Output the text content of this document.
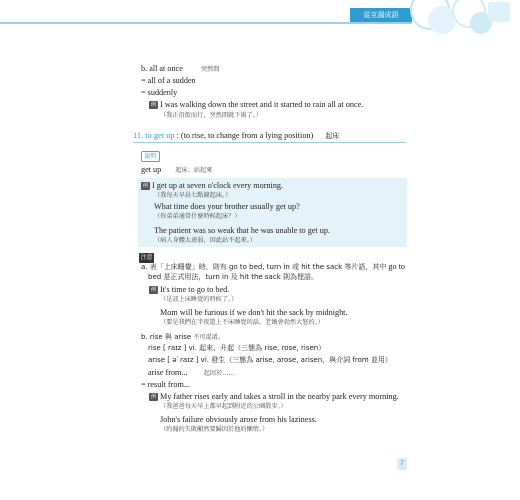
從克漏成語
b. all at once	突然間
= all of a sudden
= suddenly
例 I was walking down the street and it started to rain all at once.
（我正沿街而行，突然間就下雨了。）
11. to get up : (to rise, to change from a lying position) 起床
說明
get up 起床；站起來
例 I get up at seven o'clock every morning.
（我每天早晨七點鐘起床。）
What time does your brother usually get up?
（你弟弟通常什麼時候起床？）
The patient was so weak that he was unable to get up.
（病人身體太虛弱，因此站不起來。）
注意
a. 表「上床睡覺」時，則有 go to bed, turn in 或 hit the sack 等片語，其中 go to
bed 是正式用法，turn in 及 hit the sack 則為俚語。
例 It's time to go to bed.
（是該上床睡覺的時候了。）
Mom will be furious if we don't hit the sack by midnight.
（要是我們在半夜還上不床睡覺的話，老媽會勃然大怒的。）
b. rise 與 arise 不可混淆。
rise [ raɪz ] vi. 起來、升起（三態為 rise, rose, risen）
arise [ əˋraɪz ] vi. 發生（三態為 arise, arose, arisen，與介詞 from 並用）
arise from...	起因於……
= result from...
例 My father rises early and takes a stroll in the nearby park every morning.
（我爸爸每天早上都早起到附近的公園散步。）
John's failure obviously arose from his laziness.
（約翰的失敗顯然要歸因於他的懶惰。）
7
